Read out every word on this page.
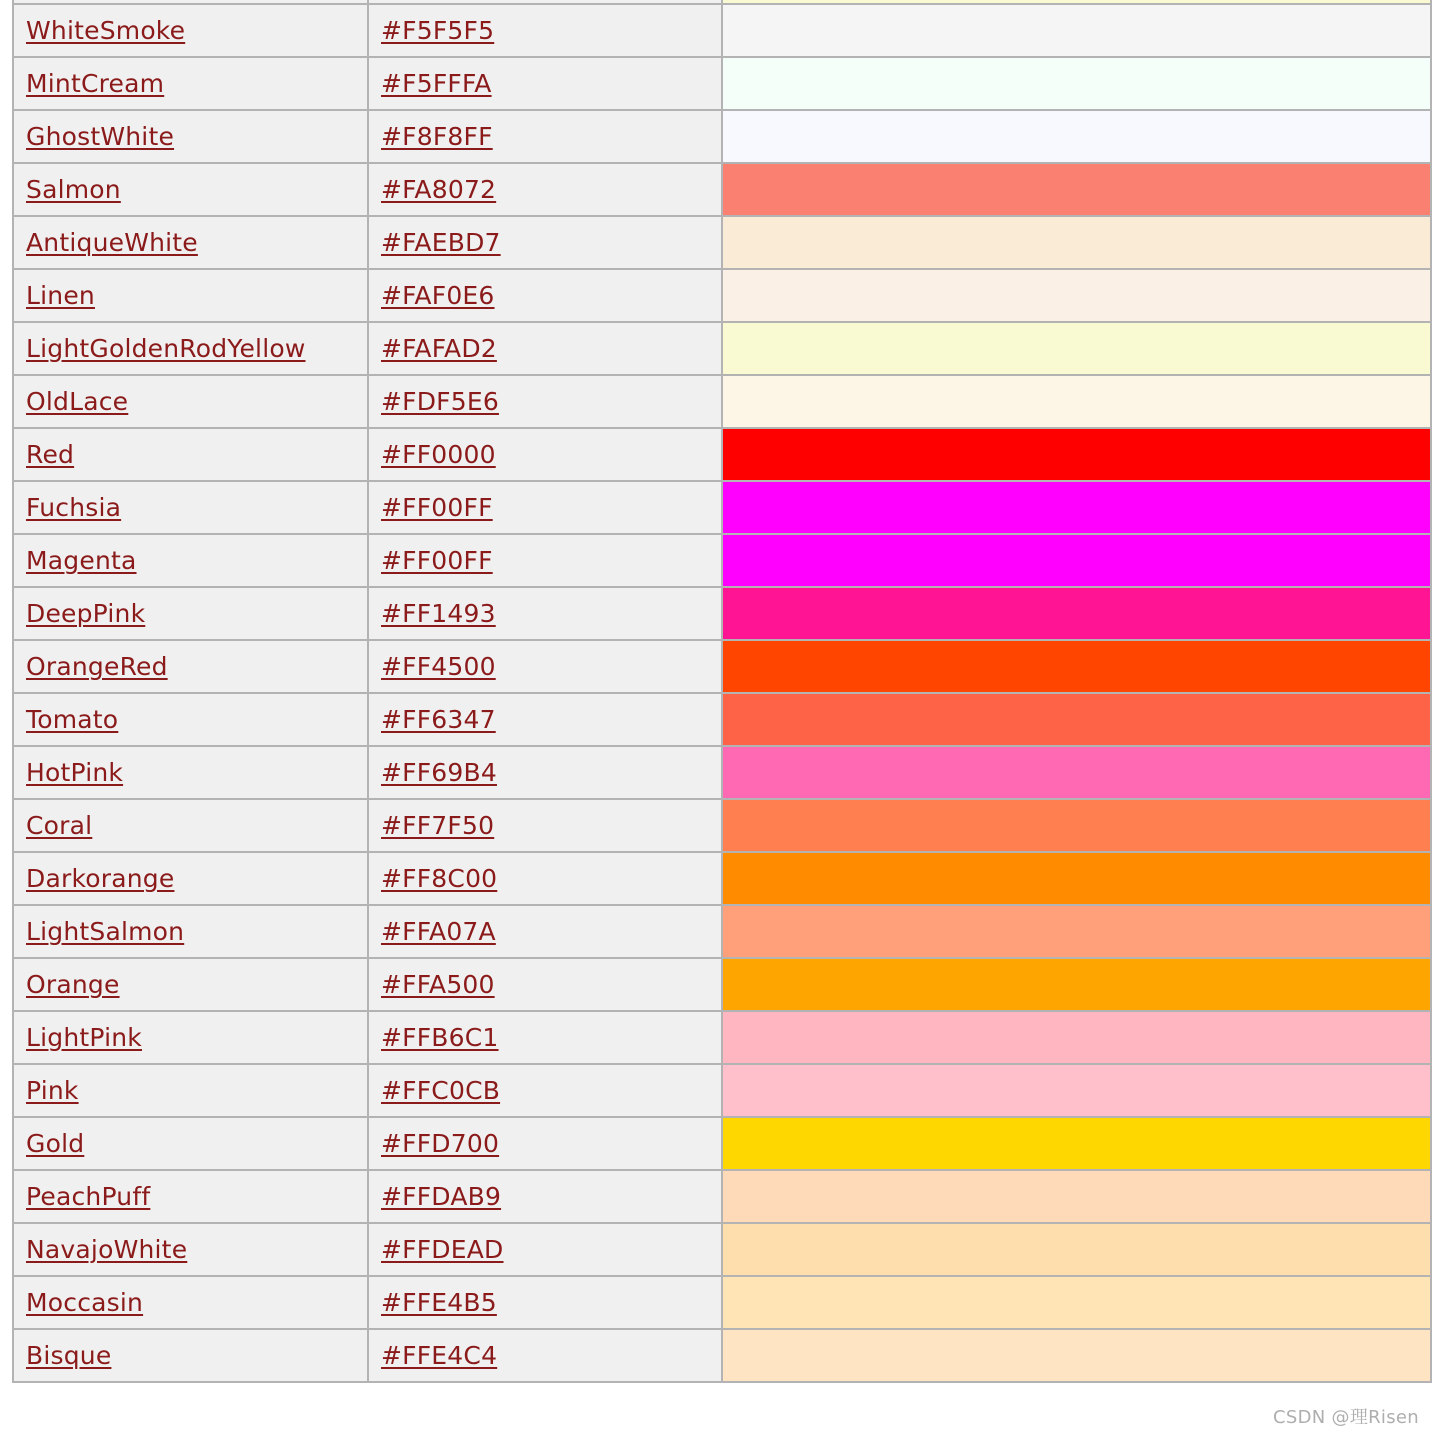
WhiteSmoke	#F5F5F5	
MintCream	#F5FFFA	
GhostWhite	#F8F8FF	
Salmon	#FA8072	
AntiqueWhite	#FAEBD7	
Linen	#FAF0E6	
LightGoldenRodYellow	#FAFAD2	
OldLace	#FDF5E6	
Red	#FF0000	
Fuchsia	#FF00FF	
Magenta	#FF00FF	
DeepPink	#FF1493	
OrangeRed	#FF4500	
Tomato	#FF6347	
HotPink	#FF69B4	
Coral	#FF7F50	
Darkorange	#FF8C00	
LightSalmon	#FFA07A	
Orange	#FFA500	
LightPink	#FFB6C1	
Pink	#FFC0CB	
Gold	#FFD700	
PeachPuff	#FFDAB9	
NavajoWhite	#FFDEAD	
Moccasin	#FFE4B5	
Bisque	#FFE4C4	
CSDN @理Risen
